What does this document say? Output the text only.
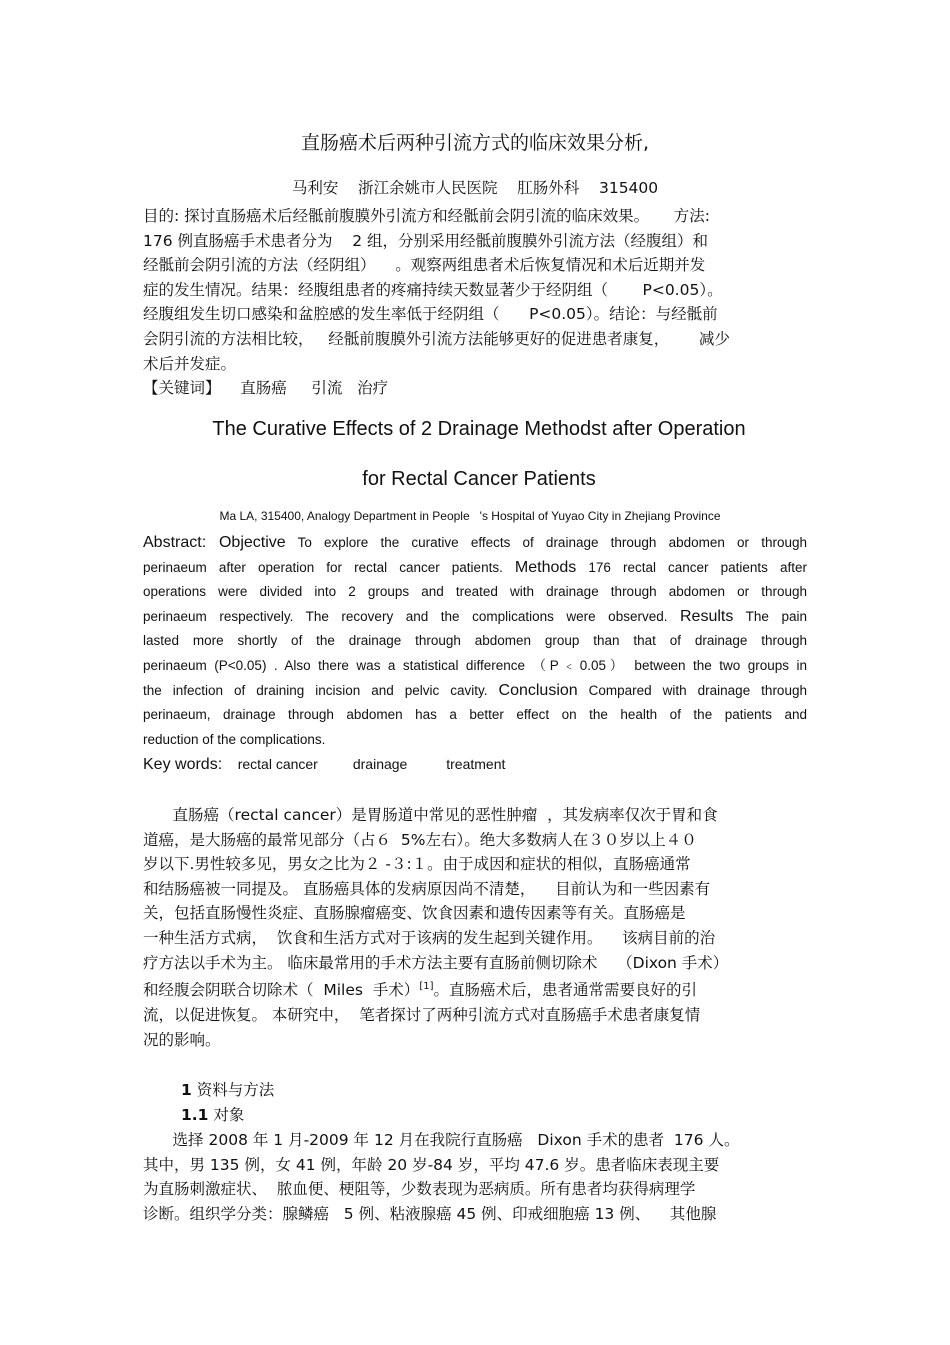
直肠癌术后两种引流方式的临床效果分析,
马利安    浙江余姚市人民医院    肛肠外科    315400
目的: 探讨直肠癌术后经骶前腹膜外引流方和经骶前会阴引流的临床效果。     方法:
176 例直肠癌手术患者分为    2 组，分别采用经骶前腹膜外引流方法（经腹组）和
经骶前会阴引流的方法（经阴组）    。观察两组患者术后恢复情况和术后近期并发
症的发生情况。结果：经腹组患者的疼痛持续天数显著少于经阴组（       P<0.05）。
经腹组发生切口感染和盆腔感的发生率低于经阴组（      P<0.05）。结论：与经骶前
会阴引流的方法相比较，   经骶前腹膜外引流方法能够更好的促进患者康复，      减少
术后并发症。
【关键词】    直肠癌     引流   治疗
The Curative Effects of 2 Drainage Methodst after Operation
for Rectal Cancer Patients
Ma LA, 315400, Analogy Department in People   's Hospital of Yuyao City in Zhejiang Province
Abstract: Objective To explore the curative effects of drainage through abdomen or through
perinaeum after operation for rectal cancer patients. Methods 176 rectal cancer patients after
operations were divided into 2 groups and treated with drainage through abdomen or through
perinaeum respectively. The recovery and the complications were observed. Results The pain
lasted more shortly of the drainage through abdomen group than that of drainage through
perinaeum (P<0.05) . Also there was a statistical difference （P﹤0.05） between the two groups in
the infection of draining incision and pelvic cavity. Conclusion Compared with drainage through
perinaeum, drainage through abdomen has a better effect on the health of the patients and
reduction of the complications.
Key words:    rectal cancer         drainage          treatment
直肠癌（rectal cancer）是胃肠道中常见的恶性肿瘤  ，其发病率仅次于胃和食
道癌，是大肠癌的最常见部分（占６  5%左右）。绝大多数病人在３０岁以上４０
岁以下.男性较多见，男女之比为２ -３:１。由于成因和症状的相似，直肠癌通常
和结肠癌被一同提及。 直肠癌具体的发病原因尚不清楚，    目前认为和一些因素有
关，包括直肠慢性炎症、直肠腺瘤癌变、饮食因素和遗传因素等有关。直肠癌是
一种生活方式病，  饮食和生活方式对于该病的发生起到关键作用。    该病目前的治
疗方法以手术为主。 临床最常用的手术方法主要有直肠前侧切除术    （Dixon 手术）
和经腹会阴联合切除术（  Miles  手术）[1]。直肠癌术后，患者通常需要良好的引
流，以促进恢复。 本研究中，  笔者探讨了两种引流方式对直肠癌手术患者康复情
况的影响。
1 资料与方法
1.1 对象
选择 2008 年 1 月-2009 年 12 月在我院行直肠癌   Dixon 手术的患者  176 人。
其中，男 135 例，女 41 例，年龄 20 岁-84 岁，平均 47.6 岁。患者临床表现主要
为直肠刺激症状、  脓血便、梗阻等，少数表现为恶病质。所有患者均获得病理学
诊断。组织学分类：腺鳞癌   5 例、粘液腺癌 45 例、印戒细胞癌 13 例、    其他腺
